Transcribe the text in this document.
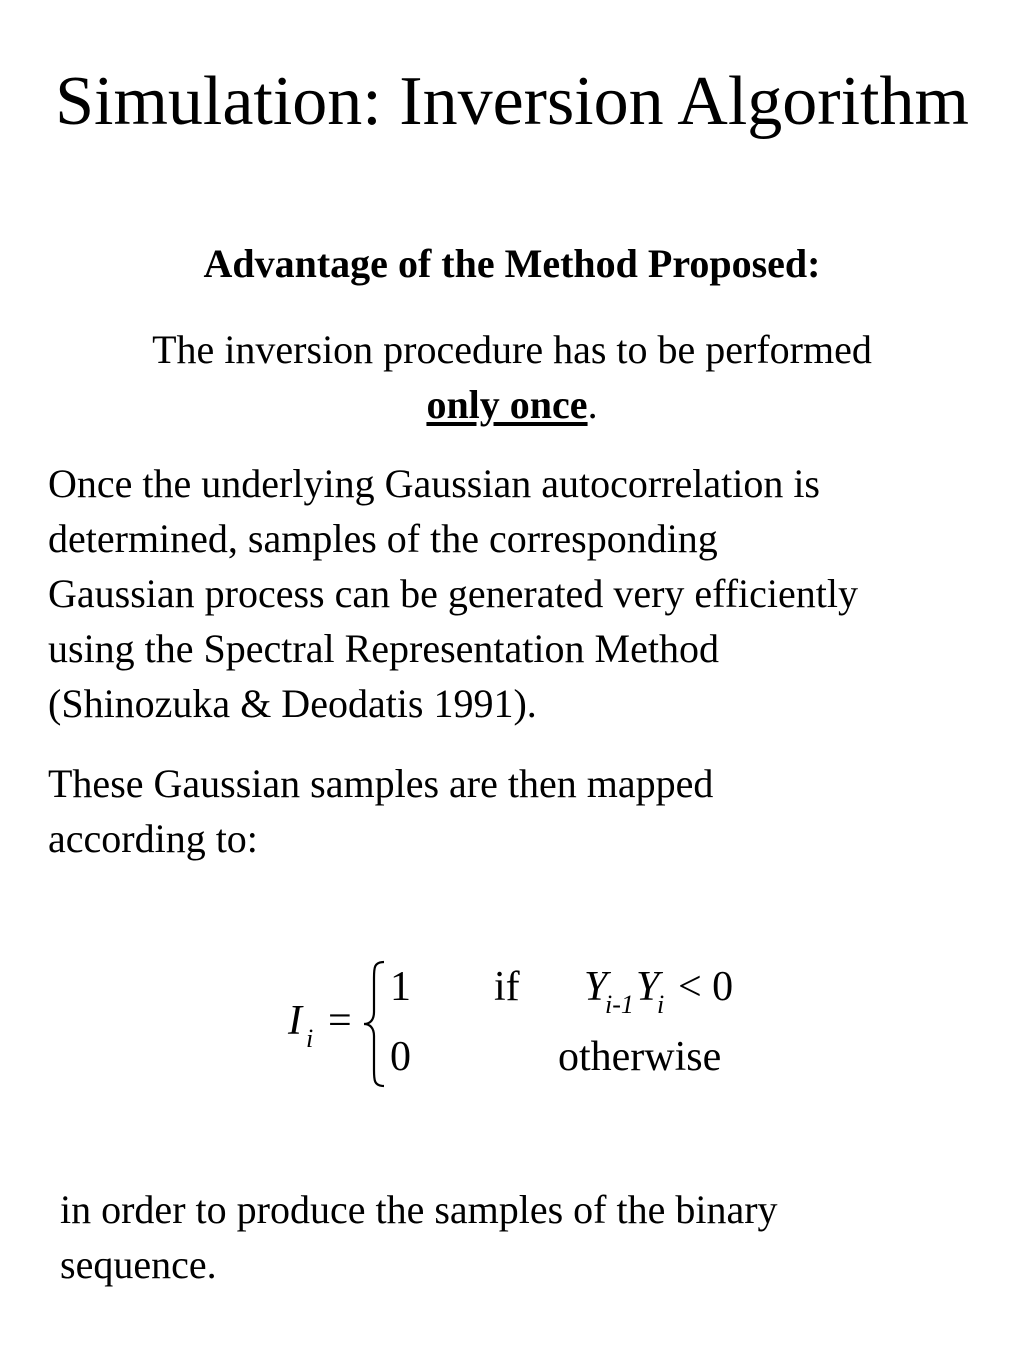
Simulation: Inversion Algorithm
Advantage of the Method Proposed:
The inversion procedure has to be performed
only once.
Once the underlying Gaussian autocorrelation is
determined, samples of the corresponding
Gaussian process can be generated very efficiently
using the Spectral Representation Method
(Shinozuka & Deodatis 1991).
These Gaussian samples are then mapped
according to:
I i =
1 if Y
i-1 Y
i < 0
0	otherwise
in order to produce the samples of the binary
sequence.
